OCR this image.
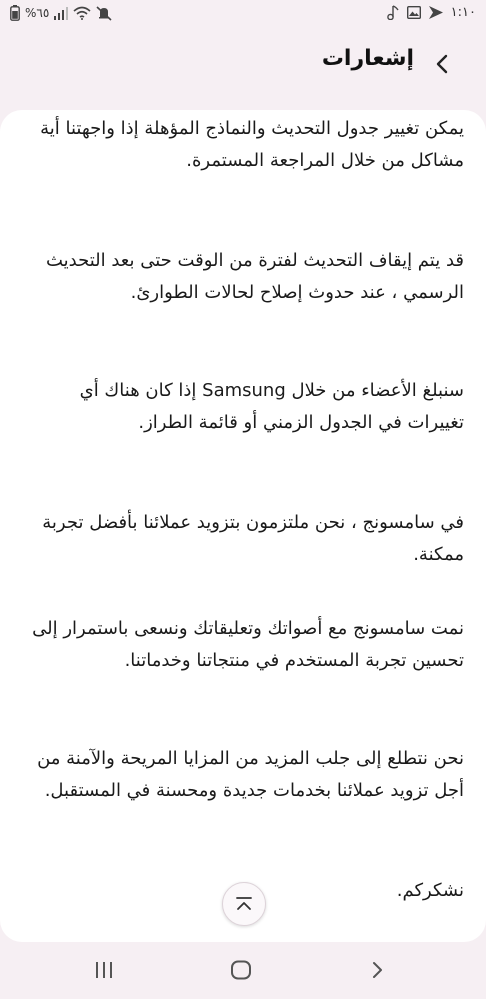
%٦٥	١:١٠
إشعارات
يمكن تغيير جدول التحديث والنماذج المؤهلة إذا واجهتنا أية مشاكل من خلال المراجعة المستمرة.
قد يتم إيقاف التحديث لفترة من الوقت حتى بعد التحديث الرسمي ، عند حدوث إصلاح لحالات الطوارئ.
سنبلغ الأعضاء من خلال Samsung إذا كان هناك أي تغييرات في الجدول الزمني أو قائمة الطراز.
في سامسونج ، نحن ملتزمون بتزويد عملائنا بأفضل تجربة ممكنة.
نمت سامسونج مع أصواتك وتعليقاتك ونسعى باستمرار إلى تحسين تجربة المستخدم في منتجاتنا وخدماتنا.
نحن نتطلع إلى جلب المزيد من المزايا المريحة والآمنة من أجل تزويد عملائنا بخدمات جديدة ومحسنة في المستقبل.
نشكركم.
